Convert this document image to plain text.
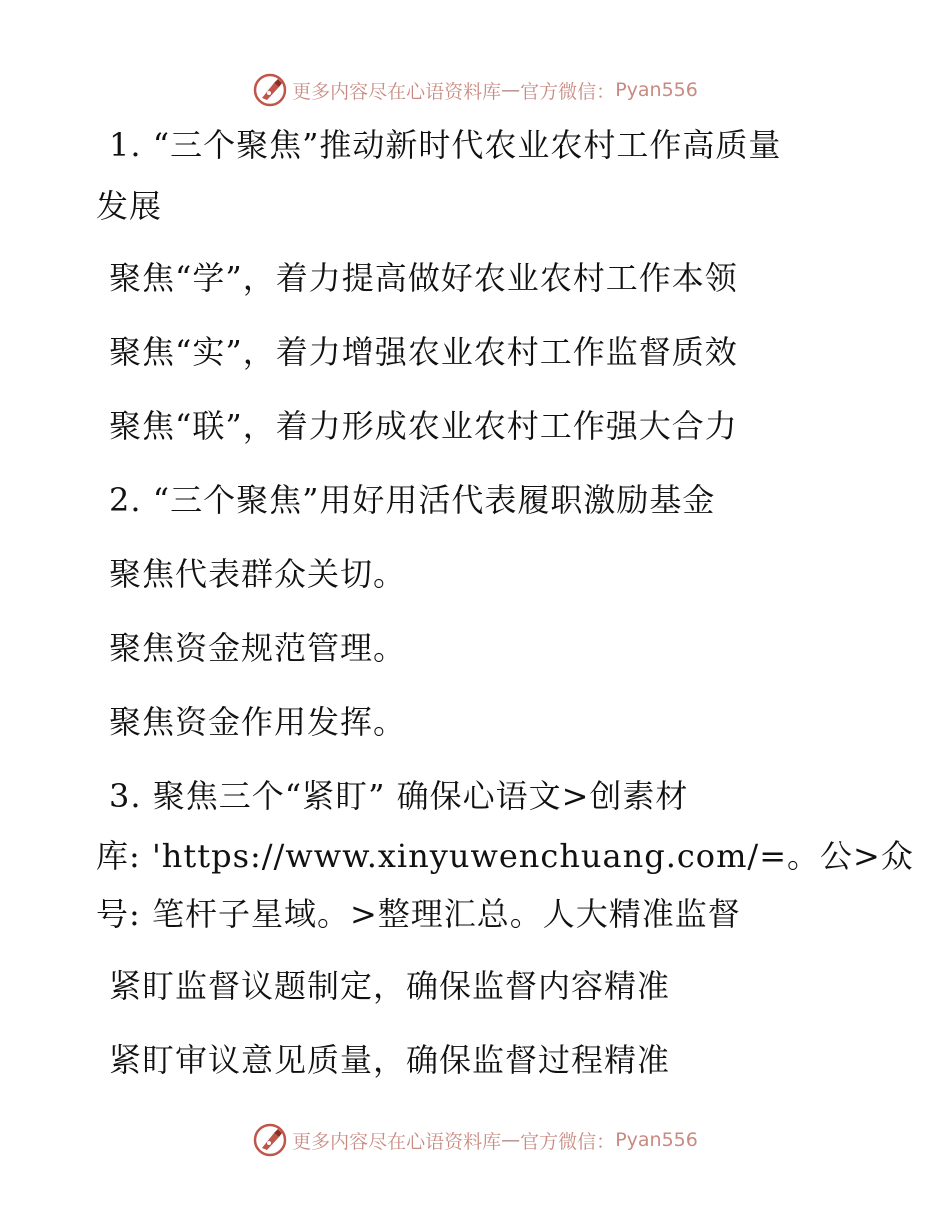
更多内容尽在心语资料库 — 官方微信： Pyan556
1. “三个聚焦”推动新时代农业农村工作高质量
发展
聚焦“学”，着力提高做好农业农村工作本领
聚焦“实”，着力增强农业农村工作监督质效
聚焦“联”，着力形成农业农村工作强大合力
2. “三个聚焦”用好用活代表履职激励基金
聚焦代表群众关切。
聚焦资金规范管理。
聚焦资金作用发挥。
3. 聚焦三个“紧盯” 确保心语文>创素材
库: 'https://www.xinyuwenchuang.com/=。公>众
号: 笔杆子星域。>整理汇总。人大精准监督
紧盯监督议题制定，确保监督内容精准
紧盯审议意见质量，确保监督过程精准
更多内容尽在心语资料库 — 官方微信： Pyan556
